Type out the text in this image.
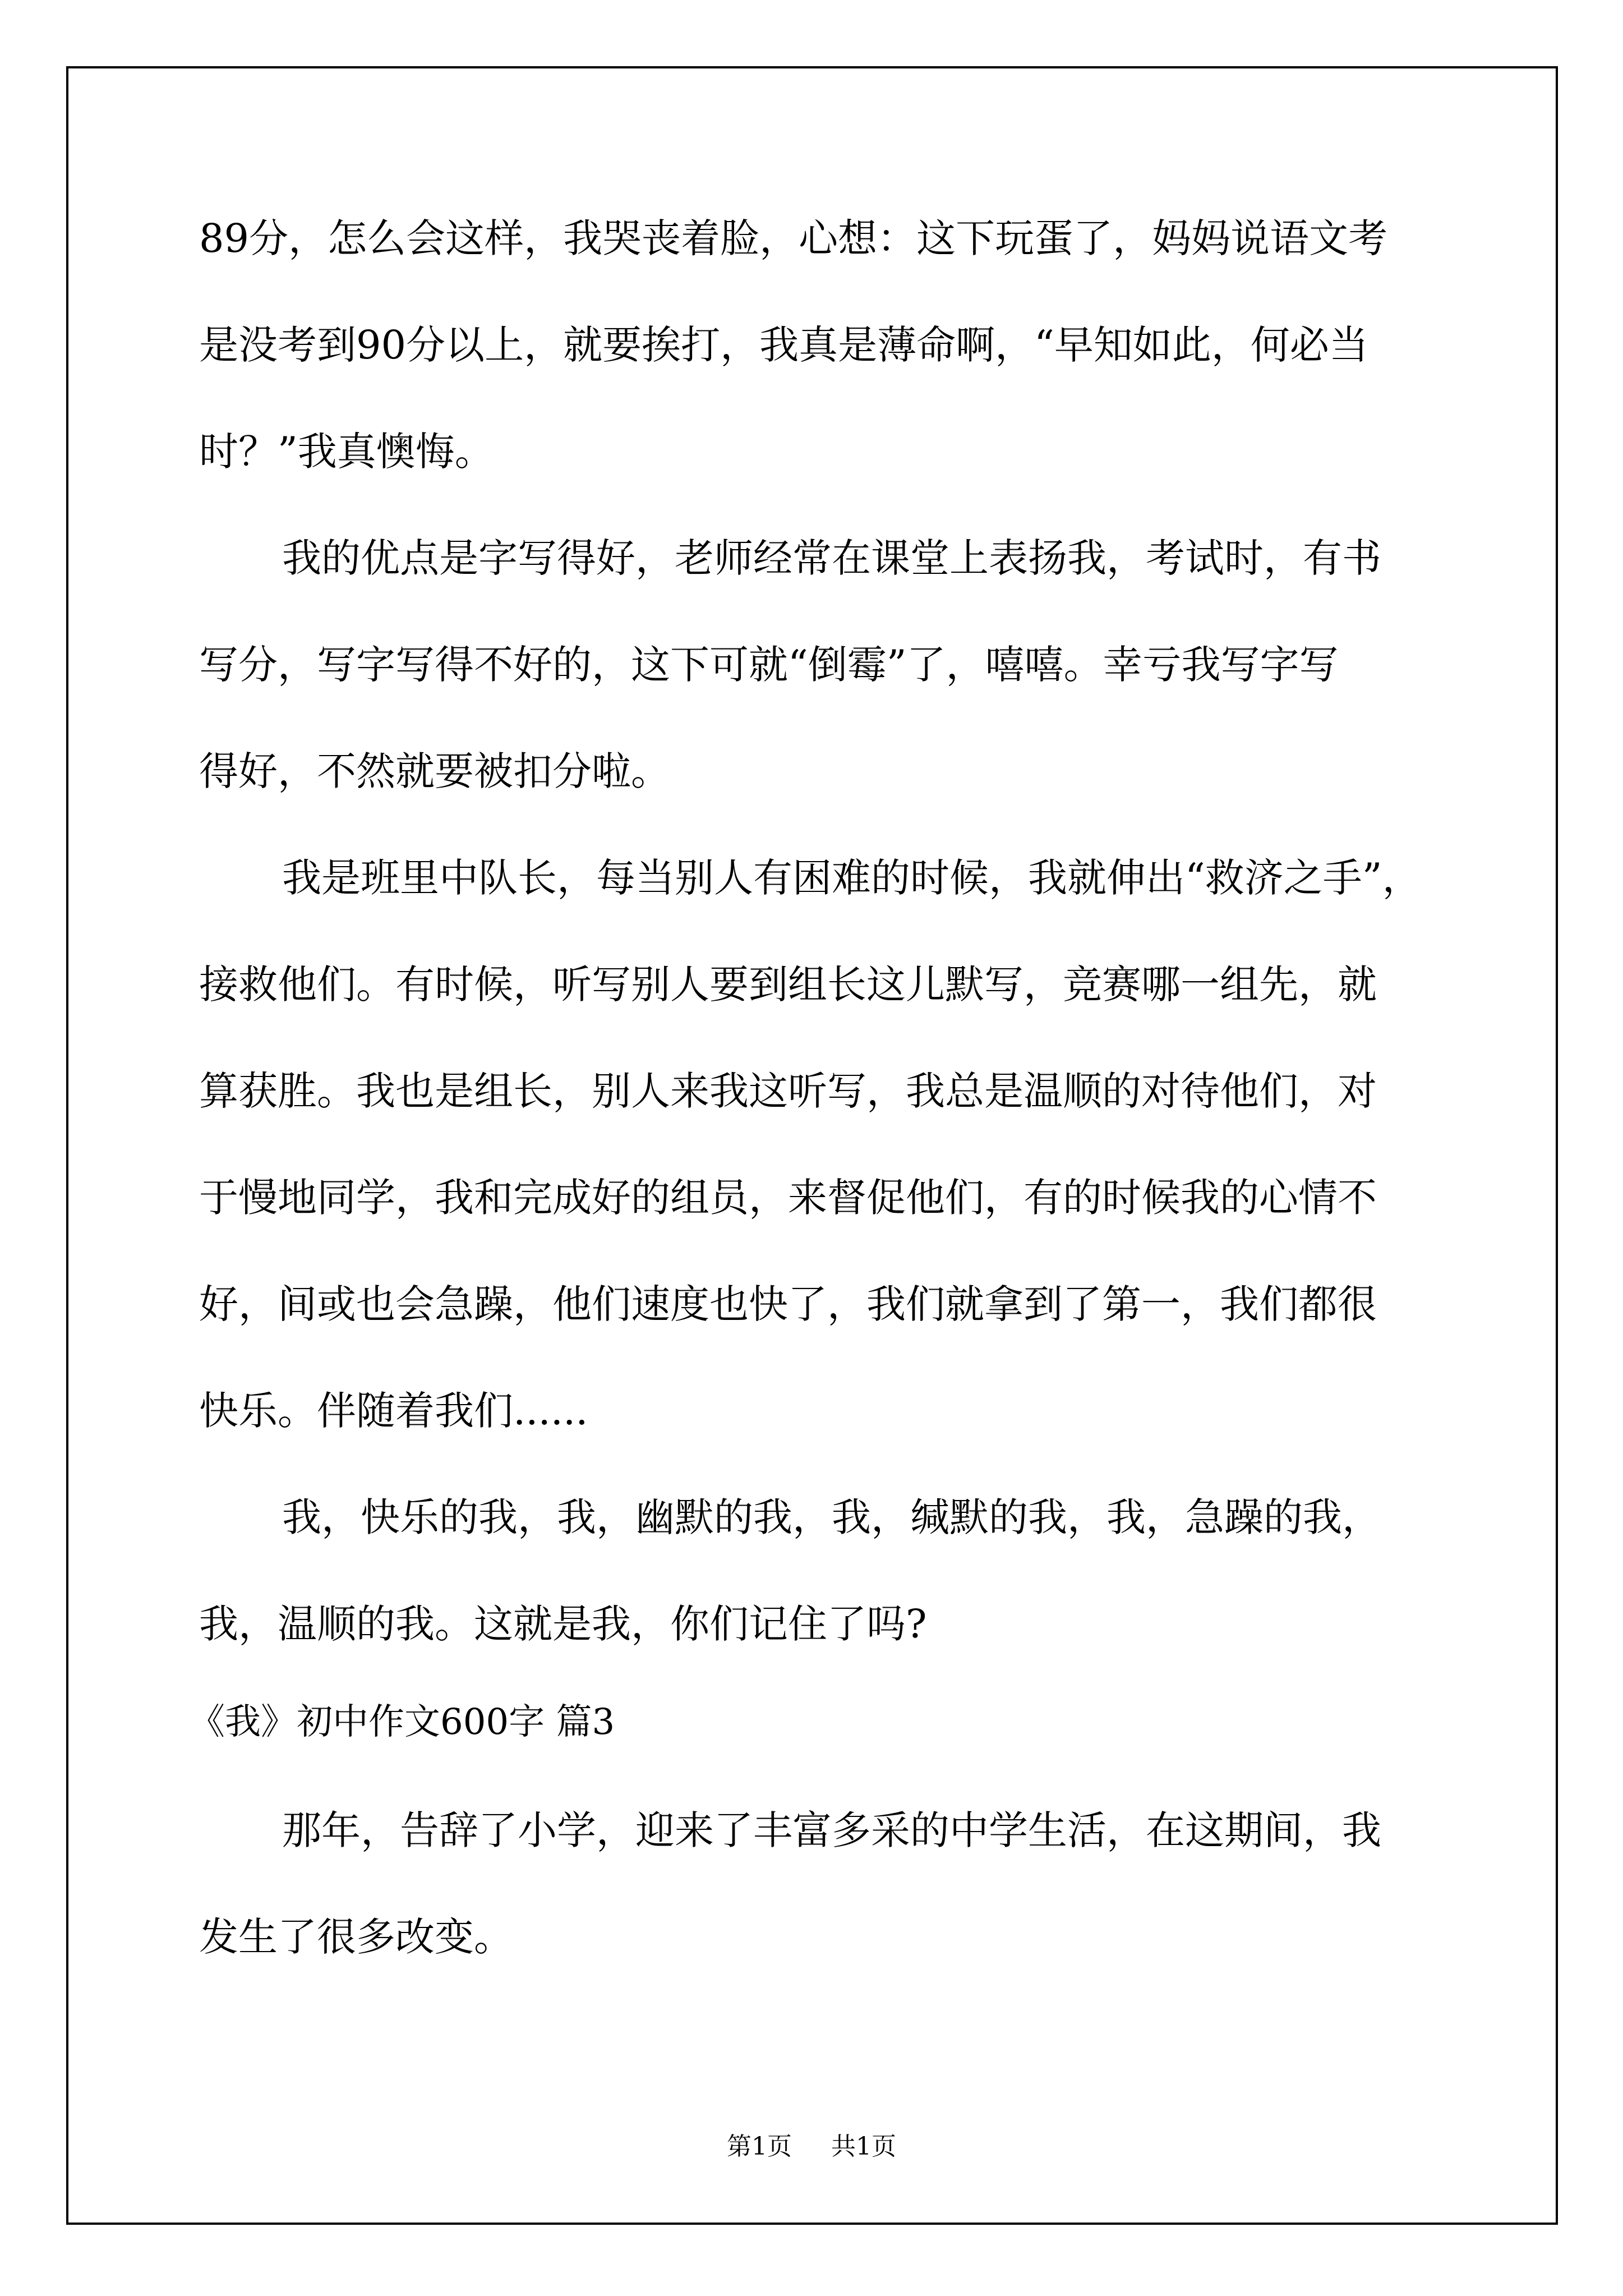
89分，怎么会这样，我哭丧着脸，心想：这下玩蛋了，妈妈说语文考
是没考到90分以上，就要挨打，我真是薄命啊，“早知如此，何必当
时？”我真懊悔。
我的优点是字写得好，老师经常在课堂上表扬我，考试时，有书
写分，写字写得不好的，这下可就“倒霉”了，嘻嘻。幸亏我写字写
得好，不然就要被扣分啦。
我是班里中队长，每当别人有困难的时候，我就伸出“救济之手”，
接救他们。有时候，听写别人要到组长这儿默写，竞赛哪一组先，就
算获胜。我也是组长，别人来我这听写，我总是温顺的对待他们，对
于慢地同学，我和完成好的组员，来督促他们，有的时候我的心情不
好，间或也会急躁，他们速度也快了，我们就拿到了第一，我们都很
快乐。伴随着我们......
我，快乐的我，我，幽默的我，我，缄默的我，我，急躁的我，
我，温顺的我。这就是我，你们记住了吗?
《我》初中作文600字 篇3
那年，告辞了小学，迎来了丰富多采的中学生活，在这期间，我
发生了很多改变。
第1页 共1页
